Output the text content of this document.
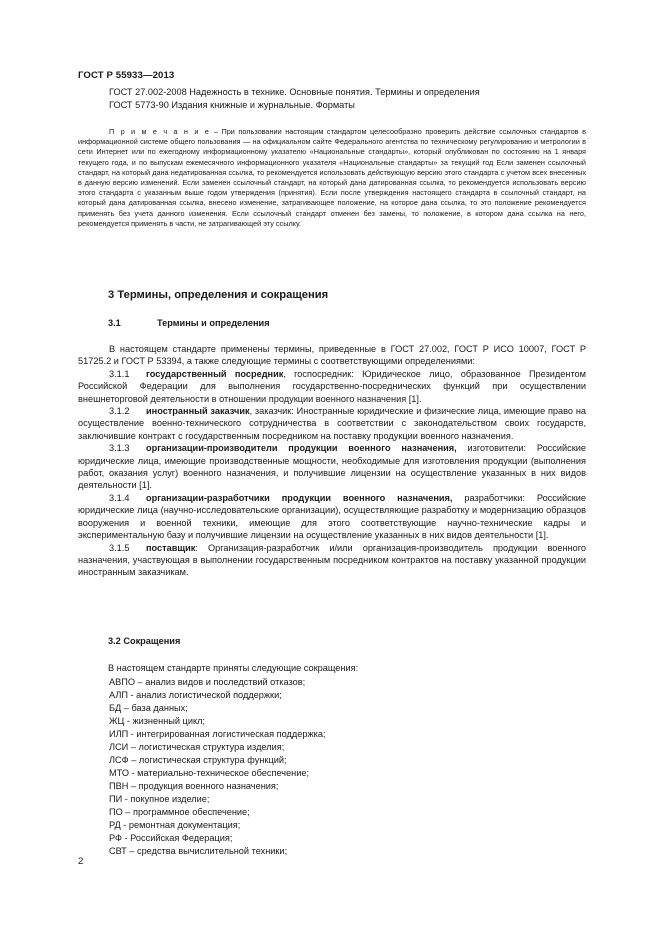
ГОСТ Р 55933—2013
ГОСТ 27.002-2008 Надежность в технике. Основные понятия. Термины и определения
ГОСТ 5773-90 Издания книжные и журнальные. Форматы

П р и м е ч а н и е – При пользовании настоящим стандартом целесообразно проверить действие ссылочных стандартов в информационной системе общего пользования — на официальном сайте Федерального агентства по техническому регулированию и метрологии в сети Интернет или по ежегодному информационному указателю «Национальные стандарты», который опубликован по состоянию на 1 января текущего года, и по выпускам ежемесячного информационного указателя «Национальные стандарты» за текущий год Если заменен ссылочный стандарт, на который дана недатированная ссылка, то рекомендуется использовать действующую версию этого стандарта с учетом всех внесенных в данную версию изменений. Если заменен ссылочный стандарт, на который дана датированная ссылка, то рекомендуется использовать версию этого стандарта с указанным выше годом утверждения (принятия). Если после утверждения настоящего стандарта в ссылочный стандарт, на который дана датированная ссылка, внесено изменение, затрагивающее положение, на которое дана ссылка, то это положение рекомендуется применять без учета данного изменения. Если ссылочный стандарт отменен без замены, то положение, в котором дана ссылка на него, рекомендуется применять в части, не затрагивающей эту ссылку.

3 Термины, определения и сокращения
3.1	Термины и определения

В настоящем стандарте применены термины, приведенные в ГОСТ 27.002, ГОСТ Р ИСО 10007, ГОСТ Р 51725.2 и ГОСТ Р 53394, а также следующие термины с соответствующими определениями:

3.1.1 государственный посредник, госпосредник: Юридическое лицо, образованное Президентом Российской Федерации для выполнения государственно-посреднических функций при осуществлении внешнеторговой деятельности в отношении продукции военного назначения [1].

3.1.2 иностранный заказчик, заказчик: Иностранные юридические и физические лица, имеющие право на осуществление военно-технического сотрудничества в соответствии с законодательством своих государств, заключившие контракт с государственным посредником на поставку продукции военного назначения.

3.1.3 организации-производители продукции военного назначения, изготовители: Российские юридические лица, имеющие производственные мощности, необходимые для изготовления продукции (выполнения работ, оказания услуг) военного назначения, и получившие лицензии на осуществление указанных в них видов деятельности [1].

3.1.4 организации-разработчики продукции военного назначения, разработчики: Российские юридические лица (научно-исследовательские организации), осуществляющие разработку и модернизацию образцов вооружения и военной техники, имеющие для этого соответствующие научно-технические кадры и экспериментальную базу и получившие лицензии на осуществление указанных в них видов деятельности [1].

3.1.5 поставщик: Организация-разработчик и/или организация-производитель продукции военного назначения, участвующая в выполнении государственным посредником контрактов на поставку указанной продукции иностранным заказчикам.

3.2 Сокращения
В настоящем стандарте приняты следующие сокращения:
АВПО – анализ видов и последствий отказов;
АЛП - анализ логистической поддержки;
БД – база данных;
ЖЦ - жизненный цикл;
ИЛП - интегрированная логистическая поддержка;
ЛСИ – логистическая структура изделия;
ЛСФ – логистическая структура функций;
МТО - материально-техническое обеспечение;
ПВН – продукция военного назначения;
ПИ - покупное изделие;
ПО – программное обеспечение;
РД - ремонтная документация;
РФ - Российская Федерация;
СВТ – средства вычислительной техники;
2
